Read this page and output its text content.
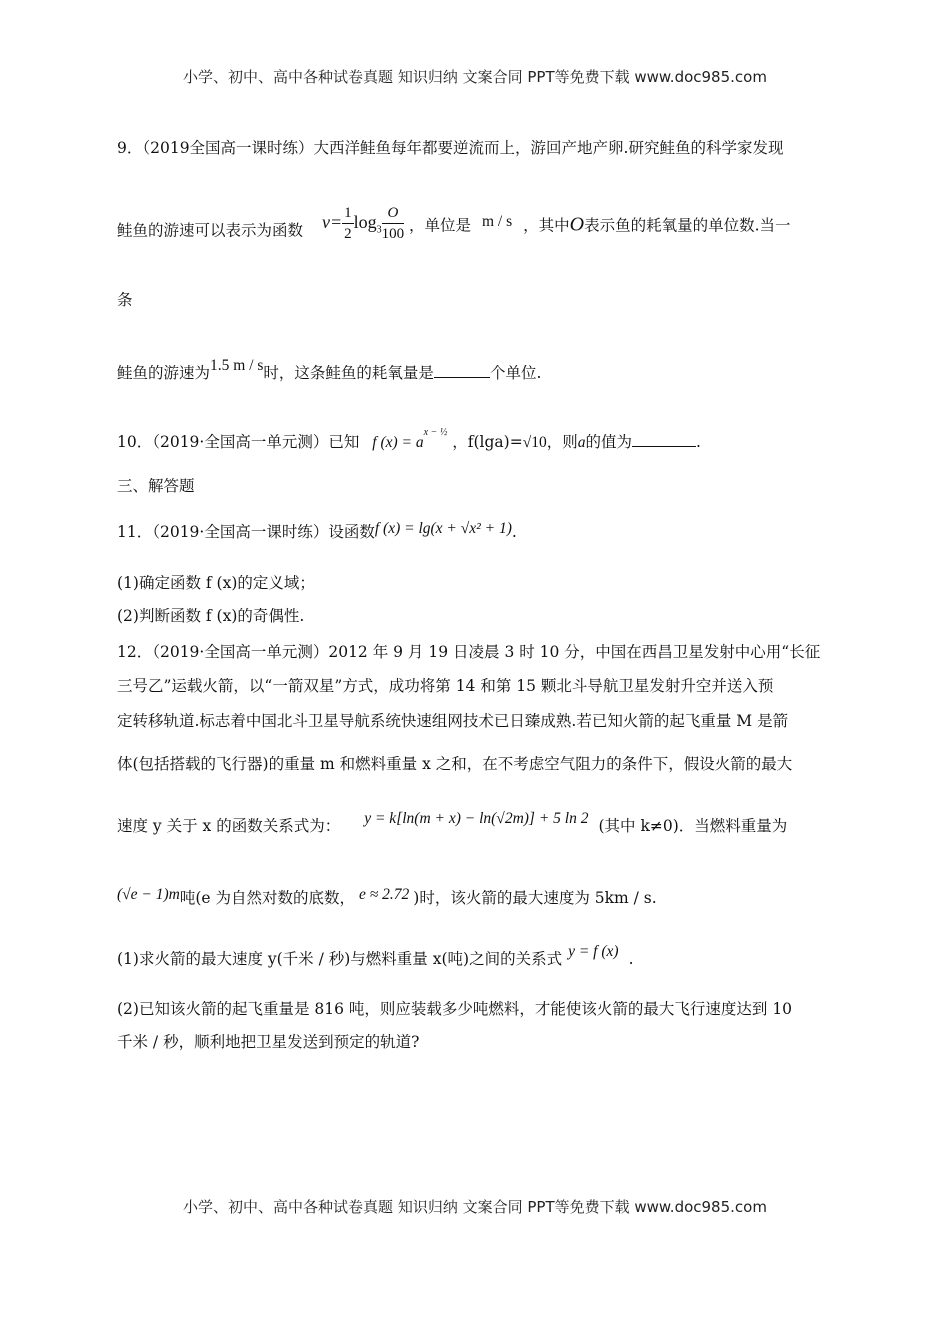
小学、初中、高中各种试卷真题 知识归纳 文案合同 PPT等免费下载 www.doc985.com
9．（2019全国高一课时练）大西洋鲑鱼每年都要逆流而上，游回产地产卵.研究鲑鱼的科学家发现
鲑鱼的游速可以表示为函数 $v= \frac{1}{2} \log_3 \frac{O}{100}$ ，单位是 m / s ，其中O表示鱼的耗氧量的单位数.当一
条
鲑鱼的游速为1.5 m / s时，这条鲑鱼的耗氧量是	个单位.
10．（2019·全国高一单元测）已知 f $(x) = a^{x - \frac{1}{2}}$ ，f(lga)=√10，则a的值为	.
三、解答题
11．（2019·全国高一课时练）设函数f (x) = lg(x + √x² + 1).
(1)确定函数 f (x)的定义域；
(2)判断函数 f (x)的奇偶性.
12．（2019·全国高一单元测）2012 年 9 月 19 日凌晨 3 时 10 分，中国在西昌卫星发射中心用“长征
三号乙”运载火箭，以“一箭双星”方式，成功将第 14 和第 15 颗北斗导航卫星发射升空并送入预
定转移轨道.标志着中国北斗卫星导航系统快速组网技术已日臻成熟.若已知火箭的起飞重量 M 是箭
体(包括搭载的飞行器)的重量 m 和燃料重量 x 之和，在不考虑空气阻力的条件下，假设火箭的最大
速度 y 关于 x 的函数关系式为： y = k[ln(m + x) − ln(√2m)] + 5 ln 2 (其中 k≠0)．当燃料重量为
(√e − 1)m吨(e 为自然对数的底数， e ≈ 2.72 )时，该火箭的最大速度为 5km / s.
(1)求火箭的最大速度 y(千米 / 秒)与燃料重量 x(吨)之间的关系式 y = f (x) .
(2)已知该火箭的起飞重量是 816 吨，则应装载多少吨燃料，才能使该火箭的最大飞行速度达到 10
千米 / 秒，顺利地把卫星发送到预定的轨道?
小学、初中、高中各种试卷真题 知识归纳 文案合同 PPT等免费下载 www.doc985.com
